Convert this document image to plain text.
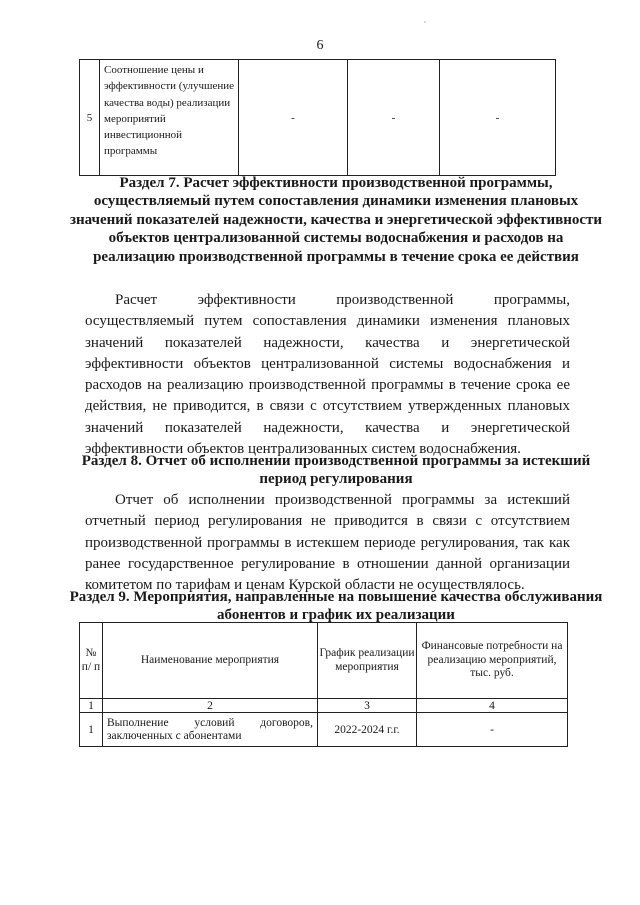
'
6
5	Соотношение цены и эффективности (улучшение качества воды) реализации мероприятий инвестиционной программы	-	-	-
Раздел 7. Расчет эффективности производственной программы, осуществляемый путем сопоставления динамики изменения плановых значений показателей надежности, качества и энергетической эффективности объектов централизованной системы водоснабжения и расходов на реализацию производственной программы в течение срока ее действия
Расчет эффективности производственной программы, осуществляемый путем сопоставления динамики изменения плановых значений показателей надежности, качества и энергетической эффективности объектов централизованной системы водоснабжения и расходов на реализацию производственной программы в течение срока ее действия, не приводится, в связи с отсутствием утвержденных плановых значений показателей надежности, качества и энергетической эффективности объектов централизованных систем водоснабжения.
Раздел 8. Отчет об исполнении производственной программы за истекший период регулирования
Отчет об исполнении производственной программы за истекший отчетный период регулирования не приводится в связи с отсутствием производственной программы в истекшем периоде регулирования, так как ранее государственное регулирование в отношении данной организации комитетом по тарифам и ценам Курской области не осуществлялось.
Раздел 9. Мероприятия, направленные на повышение качества обслуживания абонентов и график их реализации
№ п/ п	Наименование мероприятия	График реализации мероприятия	Финансовые потребности на реализацию мероприятий, тыс. руб.
1	2	3	4
1	Выполнение условий договоров, заключенных с абонентами	2022-2024 г.г.	-
